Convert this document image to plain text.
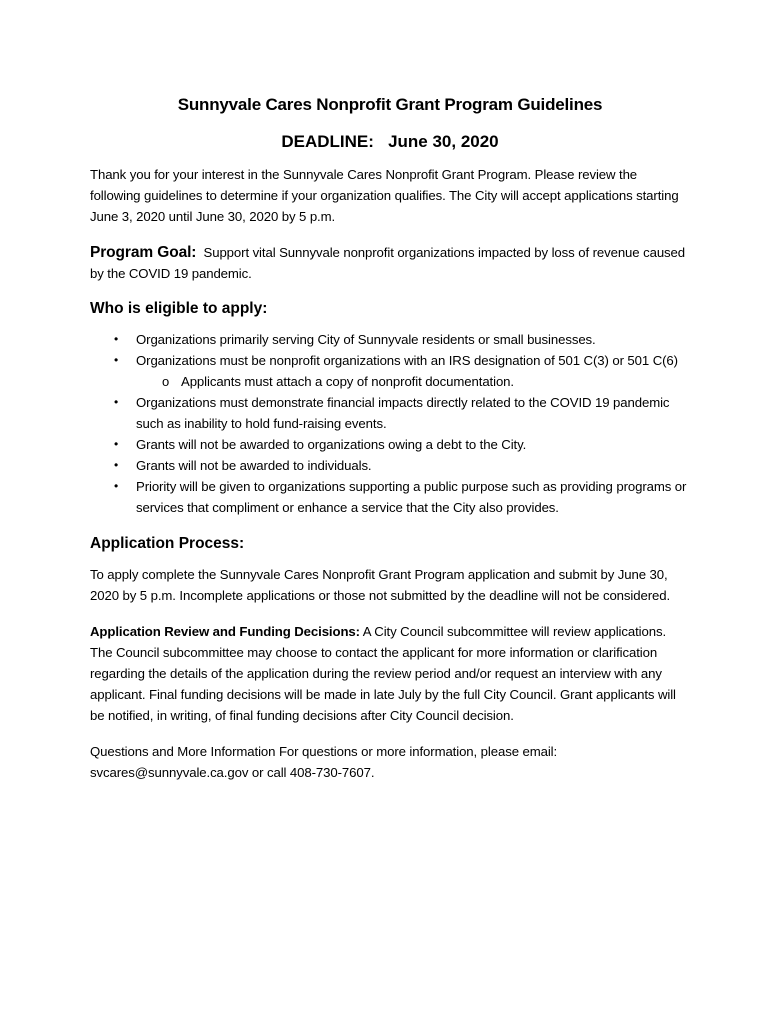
Sunnyvale Cares Nonprofit Grant Program Guidelines
DEADLINE:   June 30, 2020

Thank you for your interest in the Sunnyvale Cares Nonprofit Grant Program. Please review the following guidelines to determine if your organization qualifies. The City will accept applications starting June 3, 2020 until June 30, 2020 by 5 p.m.

Program Goal: Support vital Sunnyvale nonprofit organizations impacted by loss of revenue caused by the COVID 19 pandemic.

Who is eligible to apply:
• Organizations primarily serving City of Sunnyvale residents or small businesses.
• Organizations must be nonprofit organizations with an IRS designation of 501 C(3) or 501 C(6)
o Applicants must attach a copy of nonprofit documentation.
• Organizations must demonstrate financial impacts directly related to the COVID 19 pandemic such as inability to hold fund-raising events.
• Grants will not be awarded to organizations owing a debt to the City.
• Grants will not be awarded to individuals.
• Priority will be given to organizations supporting a public purpose such as providing programs or services that compliment or enhance a service that the City also provides.
Application Process:

To apply complete the Sunnyvale Cares Nonprofit Grant Program application and submit by June 30, 2020 by 5 p.m. Incomplete applications or those not submitted by the deadline will not be considered.

Application Review and Funding Decisions: A City Council subcommittee will review applications. The Council subcommittee may choose to contact the applicant for more information or clarification regarding the details of the application during the review period and/or request an interview with any applicant. Final funding decisions will be made in late July by the full City Council. Grant applicants will be notified, in writing, of final funding decisions after City Council decision.

Questions and More Information For questions or more information, please email: svcares@sunnyvale.ca.gov or call 408-730-7607.
